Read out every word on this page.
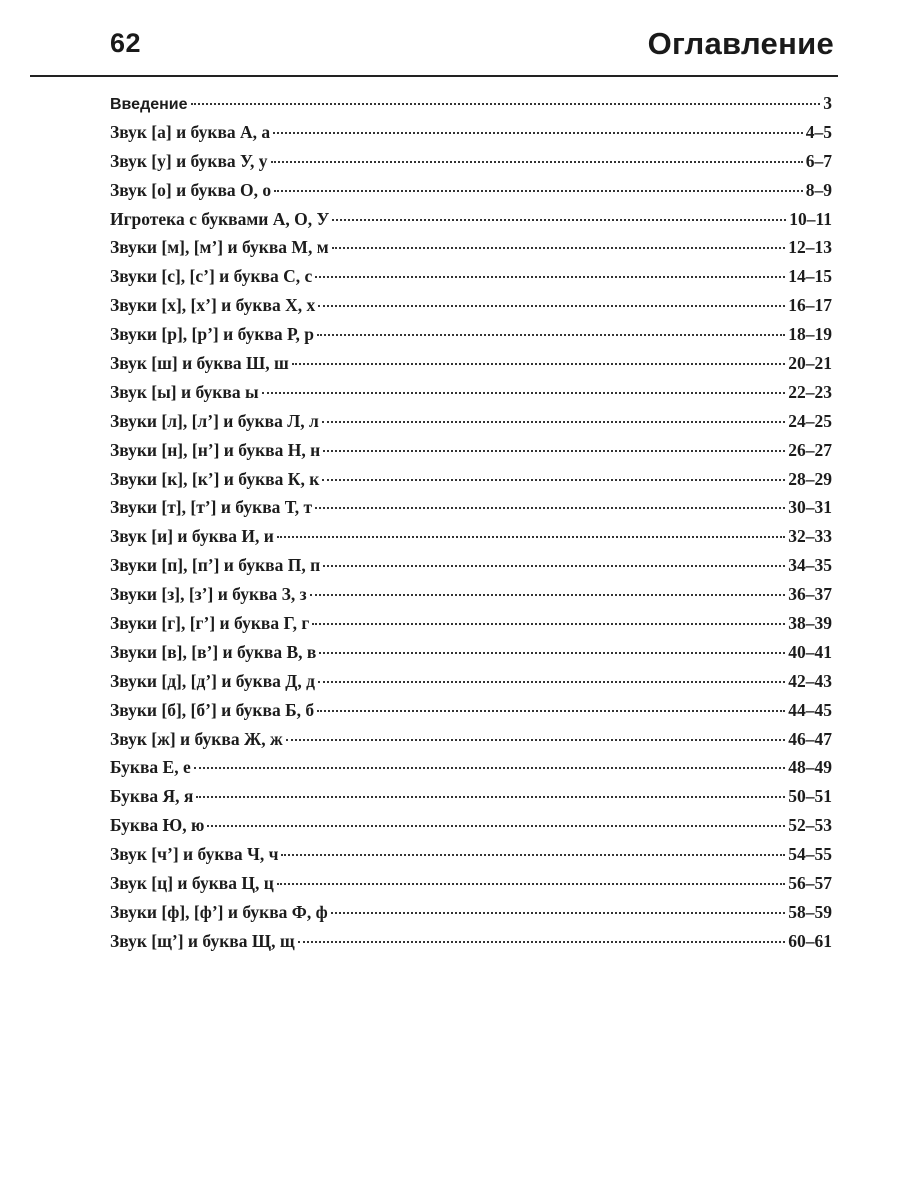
62	Оглавление
Введение	3
Звук [а] и буква А, а	4–5
Звук [у] и буква У, у	6–7
Звук [о] и буква О, о	8–9
Игротека с буквами А, О, У	10–11
Звуки [м], [м’] и буква М, м	12–13
Звуки [с], [с’] и буква С, с	14–15
Звуки [х], [х’] и буква Х, х	16–17
Звуки [р], [р’] и буква Р, р	18–19
Звук [ш] и буква Ш, ш	20–21
Звук [ы] и буква ы	22–23
Звуки [л], [л’] и буква Л, л	24–25
Звуки [н], [н’] и буква Н, н	26–27
Звуки [к], [к’] и буква К, к	28–29
Звуки [т], [т’] и буква Т, т	30–31
Звук [и] и буква И, и	32–33
Звуки [п], [п’] и буква П, п	34–35
Звуки [з], [з’] и буква З, з	36–37
Звуки [г], [г’] и буква Г, г	38–39
Звуки [в], [в’] и буква В, в	40–41
Звуки [д], [д’] и буква Д, д	42–43
Звуки [б], [б’] и буква Б, б	44–45
Звук [ж] и буква Ж, ж	46–47
Буква Е, е	48–49
Буква Я, я	50–51
Буква Ю, ю	52–53
Звук [ч’] и буква Ч, ч	54–55
Звук [ц] и буква Ц, ц	56–57
Звуки [ф], [ф’] и буква Ф, ф	58–59
Звук [щ’] и буква Щ, щ	60–61
